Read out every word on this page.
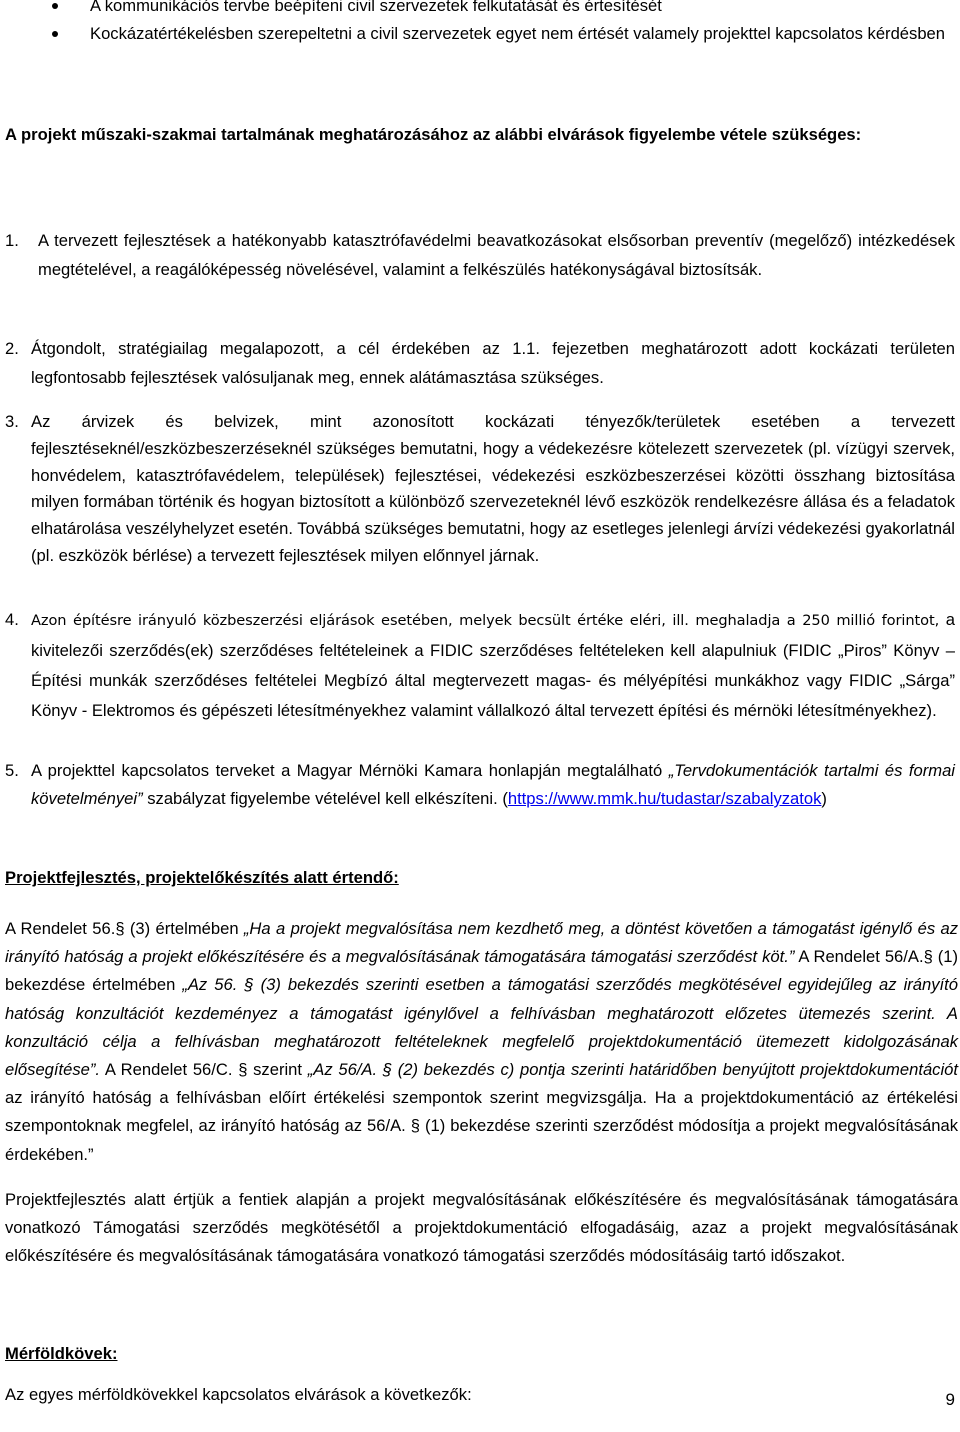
A kommunikációs tervbe beépíteni civil szervezetek felkutatását és értesítését
Kockázatértékelésben szerepeltetni a civil szervezetek egyet nem értését valamely projekttel kapcsolatos kérdésben
A projekt műszaki-szakmai tartalmának meghatározásához az alábbi elvárások figyelembe vétele szükséges:
1. A tervezett fejlesztések a hatékonyabb katasztrófavédelmi beavatkozásokat elsősorban preventív (megelőző) intézkedések megtételével, a reagálóképesség növelésével, valamint a felkészülés hatékonyságával biztosítsák.
2. Átgondolt, stratégiailag megalapozott, a cél érdekében az 1.1. fejezetben meghatározott adott kockázati területen legfontosabb fejlesztések valósuljanak meg, ennek alátámasztása szükséges.
3. Az árvizek és belvizek, mint azonosított kockázati tényezők/területek esetében a tervezett fejlesztéseknél/eszközbeszerzéseknél szükséges bemutatni, hogy a védekezésre kötelezett szervezetek (pl. vízügyi szervek, honvédelem, katasztrófavédelem, települések) fejlesztései, védekezési eszközbeszerzései közötti összhang biztosítása milyen formában történik és hogyan biztosított a különböző szervezeteknél lévő eszközök rendelkezésre állása és a feladatok elhatárolása veszélyhelyzet esetén. Továbbá szükséges bemutatni, hogy az esetleges jelenlegi árvízi védekezési gyakorlatnál (pl. eszközök bérlése) a tervezett fejlesztések milyen előnnyel járnak.
4. Azon építésre irányuló közbeszerzési eljárások esetében, melyek becsült értéke eléri, ill. meghaladja a 250 millió forintot, a kivitelezői szerződés(ek) szerződéses feltételeinek a FIDIC szerződéses feltételeken kell alapulniuk (FIDIC „Piros” Könyv – Építési munkák szerződéses feltételei Megbízó által megtervezett magas- és mélyépítési munkákhoz vagy FIDIC „Sárga” Könyv - Elektromos és gépészeti létesítményekhez valamint vállalkozó által tervezett építési és mérnöki létesítményekhez).
5. A projekttel kapcsolatos terveket a Magyar Mérnöki Kamara honlapján megtalálható „Tervdokumentációk tartalmi és formai követelményei” szabályzat figyelembe vételével kell elkészíteni. (https://www.mmk.hu/tudastar/szabalyzatok)
Projektfejlesztés, projektelőkészítés alatt értendő:
A Rendelet 56.§ (3) értelmében „Ha a projekt megvalósítása nem kezdhető meg, a döntést követően a támogatást igénylő és az irányító hatóság a projekt előkészítésére és a megvalósításának támogatására támogatási szerződést köt.” A Rendelet 56/A.§ (1) bekezdése értelmében „Az 56. § (3) bekezdés szerinti esetben a támogatási szerződés megkötésével egyidejűleg az irányító hatóság konzultációt kezdeményez a támogatást igénylővel a felhívásban meghatározott előzetes ütemezés szerint. A konzultáció célja a felhívásban meghatározott feltételeknek megfelelő projektdokumentáció ütemezett kidolgozásának elősegítése”. A Rendelet 56/C. § szerint „Az 56/A. § (2) bekezdés c) pontja szerinti határidőben benyújtott projektdokumentációt az irányító hatóság a felhívásban előírt értékelési szempontok szerint megvizsgálja. Ha a projektdokumentáció az értékelési szempontoknak megfelel, az irányító hatóság az 56/A. § (1) bekezdése szerinti szerződést módosítja a projekt megvalósításának érdekében.”
Projektfejlesztés alatt értjük a fentiek alapján a projekt megvalósításának előkészítésére és megvalósításának támogatására vonatkozó Támogatási szerződés megkötésétől a projektdokumentáció elfogadásáig, azaz a projekt megvalósításának előkészítésére és megvalósításának támogatására vonatkozó támogatási szerződés módosításáig tartó időszakot.
Mérföldkövek:
Az egyes mérföldkövekkel kapcsolatos elvárások a következők:	9
